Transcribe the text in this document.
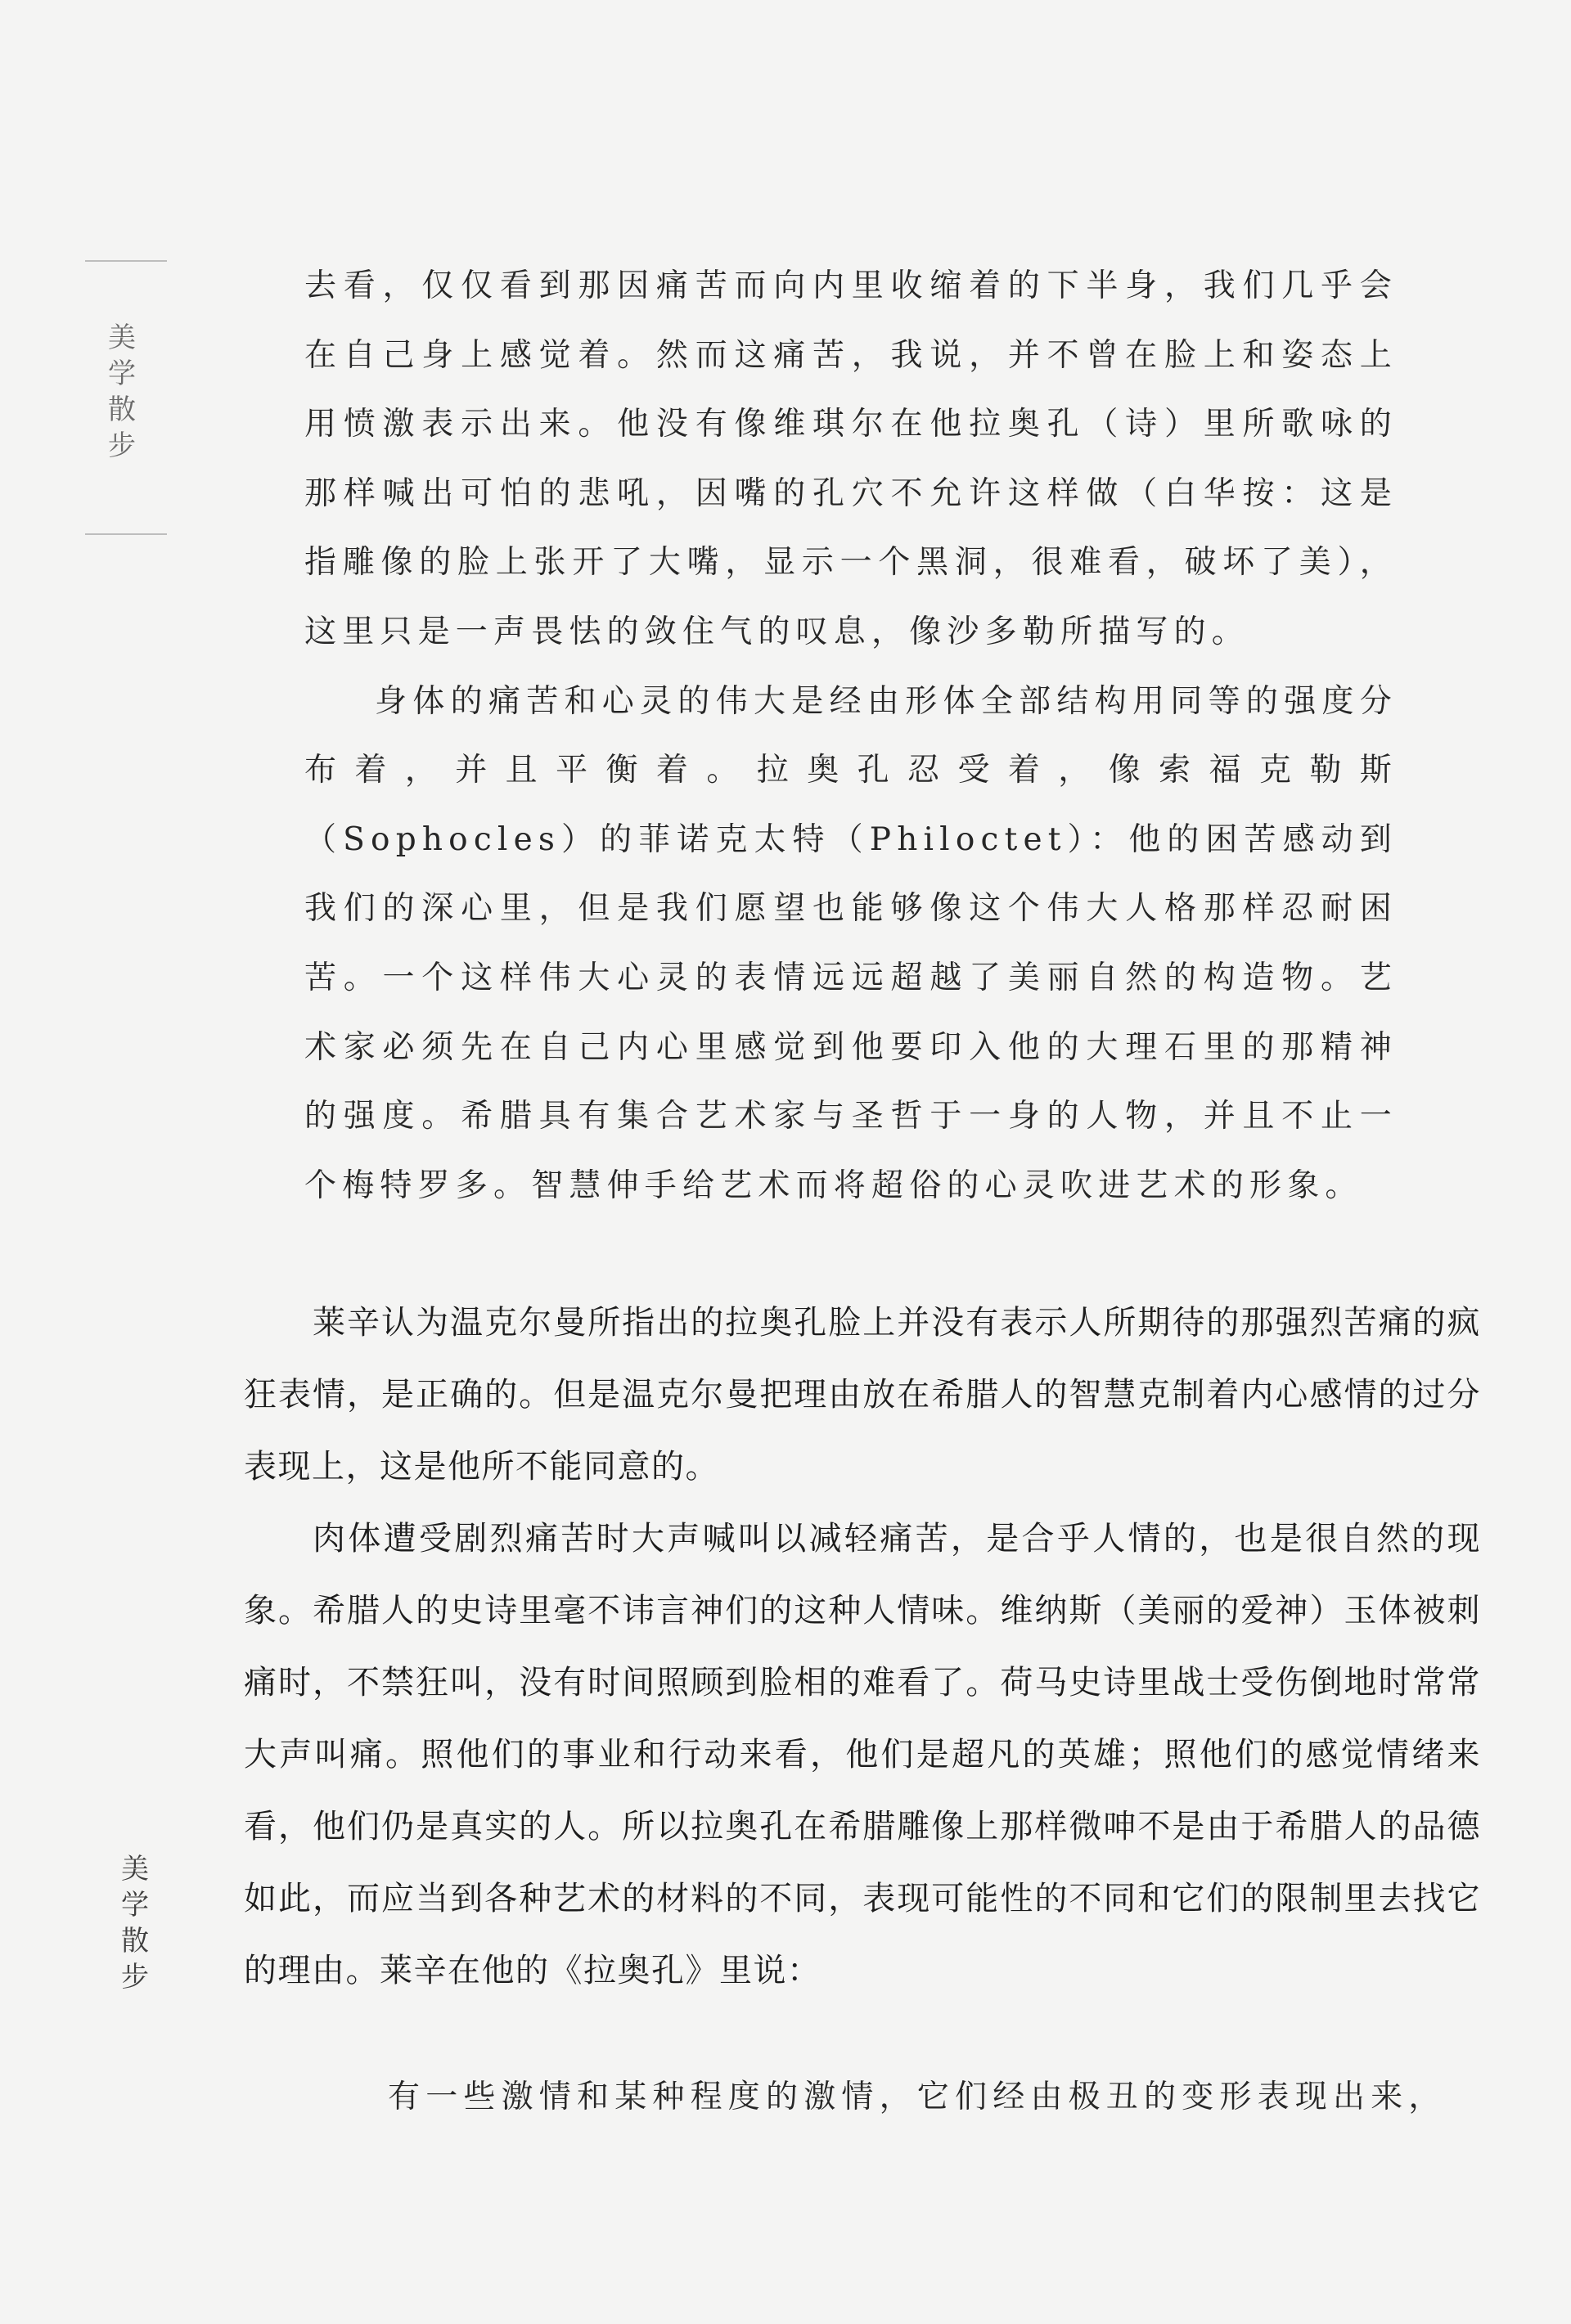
美
学
散
步

去看，仅仅看到那因痛苦而向内里收缩着的下半身，我们几乎会在自己身上感觉着。然而这痛苦，我说，并不曾在脸上和姿态上用愤激表示出来。他没有像维琪尔在他拉奥孔（诗）里所歌咏的那样喊出可怕的悲吼，因嘴的孔穴不允许这样做（白华按：这是指雕像的脸上张开了大嘴，显示一个黑洞，很难看，破坏了美），这里只是一声畏怯的敛住气的叹息，像沙多勒所描写的。

身体的痛苦和心灵的伟大是经由形体全部结构用同等的强度分布着，并且平衡着。拉奥孔忍受着，像索福克勒斯（Sophocles）的菲诺克太特（Philoctet）：他的困苦感动到我们的深心里，但是我们愿望也能够像这个伟大人格那样忍耐困苦。一个这样伟大心灵的表情远远超越了美丽自然的构造物。艺术家必须先在自己内心里感觉到他要印入他的大理石里的那精神的强度。希腊具有集合艺术家与圣哲于一身的人物，并且不止一个梅特罗多。智慧伸手给艺术而将超俗的心灵吹进艺术的形象。

莱辛认为温克尔曼所指出的拉奥孔脸上并没有表示人所期待的那强烈苦痛的疯狂表情，是正确的。但是温克尔曼把理由放在希腊人的智慧克制着内心感情的过分表现上，这是他所不能同意的。

肉体遭受剧烈痛苦时大声喊叫以减轻痛苦，是合乎人情的，也是很自然的现象。希腊人的史诗里毫不讳言神们的这种人情味。维纳斯（美丽的爱神）玉体被刺痛时，不禁狂叫，没有时间照顾到脸相的难看了。荷马史诗里战士受伤倒地时常常大声叫痛。照他们的事业和行动来看，他们是超凡的英雄；照他们的感觉情绪来看，他们仍是真实的人。所以拉奥孔在希腊雕像上那样微呻不是由于希腊人的品德如此，而应当到各种艺术的材料的不同，表现可能性的不同和它们的限制里去找它的理由。莱辛在他的《拉奥孔》里说：

美
学
散
步

有一些激情和某种程度的激情，它们经由极丑的变形表现出来，
